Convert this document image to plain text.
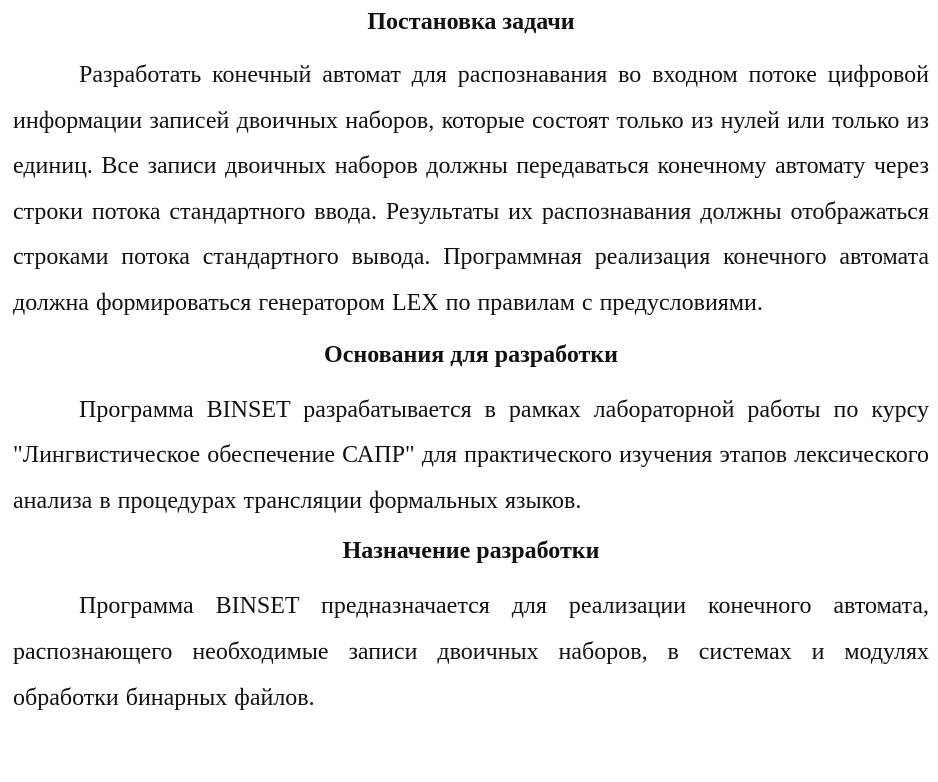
Постановка задачи

Разработать конечный автомат для распознавания во входном потоке цифровой информации записей двоичных наборов, которые состоят только из нулей или только из единиц. Все записи двоичных наборов должны передаваться конечному автомату через строки потока стандартного ввода. Результаты их распознавания должны отображаться строками потока стандартного вывода. Программная реализация конечного автомата должна формироваться генератором LEX по правилам с предусловиями.

Основания для разработки

Программа BINSET разрабатывается в рамках лабораторной работы по курсу "Лингвистическое обеспечение САПР" для практического изучения этапов лексического анализа в процедурах трансляции формальных языков.

Назначение разработки

Программа BINSET предназначается для реализации конечного автомата, распознающего необходимые записи двоичных наборов, в системах и модулях обработки бинарных файлов.
